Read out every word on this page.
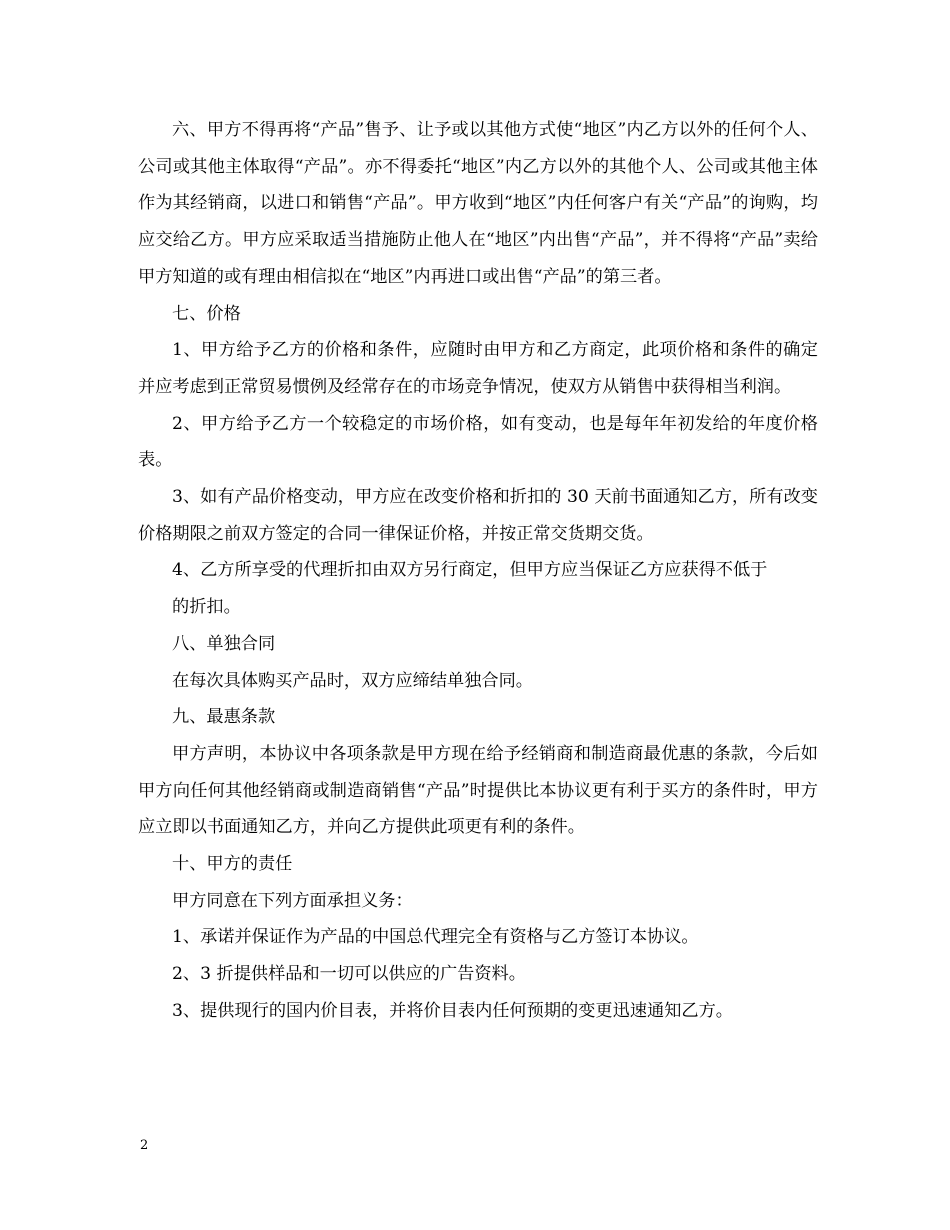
六、甲方不得再将“产品”售予、让予或以其他方式使“地区”内乙方以外的任何个人、公司或其他主体取得“产品”。亦不得委托“地区”内乙方以外的其他个人、公司或其他主体作为其经销商，以进口和销售“产品”。甲方收到“地区”内任何客户有关“产品”的询购，均应交给乙方。甲方应采取适当措施防止他人在“地区”内出售“产品”，并不得将“产品”卖给甲方知道的或有理由相信拟在“地区”内再进口或出售“产品”的第三者。

七、价格

1、甲方给予乙方的价格和条件，应随时由甲方和乙方商定，此项价格和条件的确定并应考虑到正常贸易惯例及经常存在的市场竞争情况，使双方从销售中获得相当利润。

2、甲方给予乙方一个较稳定的市场价格，如有变动，也是每年年初发给的年度价格表。

3、如有产品价格变动，甲方应在改变价格和折扣的 30 天前书面通知乙方，所有改变价格期限之前双方签定的合同一律保证价格，并按正常交货期交货。

4、乙方所享受的代理折扣由双方另行商定，但甲方应当保证乙方应获得不低于

的折扣。

八、单独合同

在每次具体购买产品时，双方应缔结单独合同。

九、最惠条款

甲方声明，本协议中各项条款是甲方现在给予经销商和制造商最优惠的条款，今后如甲方向任何其他经销商或制造商销售“产品”时提供比本协议更有利于买方的条件时，甲方应立即以书面通知乙方，并向乙方提供此项更有利的条件。

十、甲方的责任

甲方同意在下列方面承担义务：

1、承诺并保证作为产品的中国总代理完全有资格与乙方签订本协议。

2、3 折提供样品和一切可以供应的广告资料。

3、提供现行的国内价目表，并将价目表内任何预期的变更迅速通知乙方。

2
